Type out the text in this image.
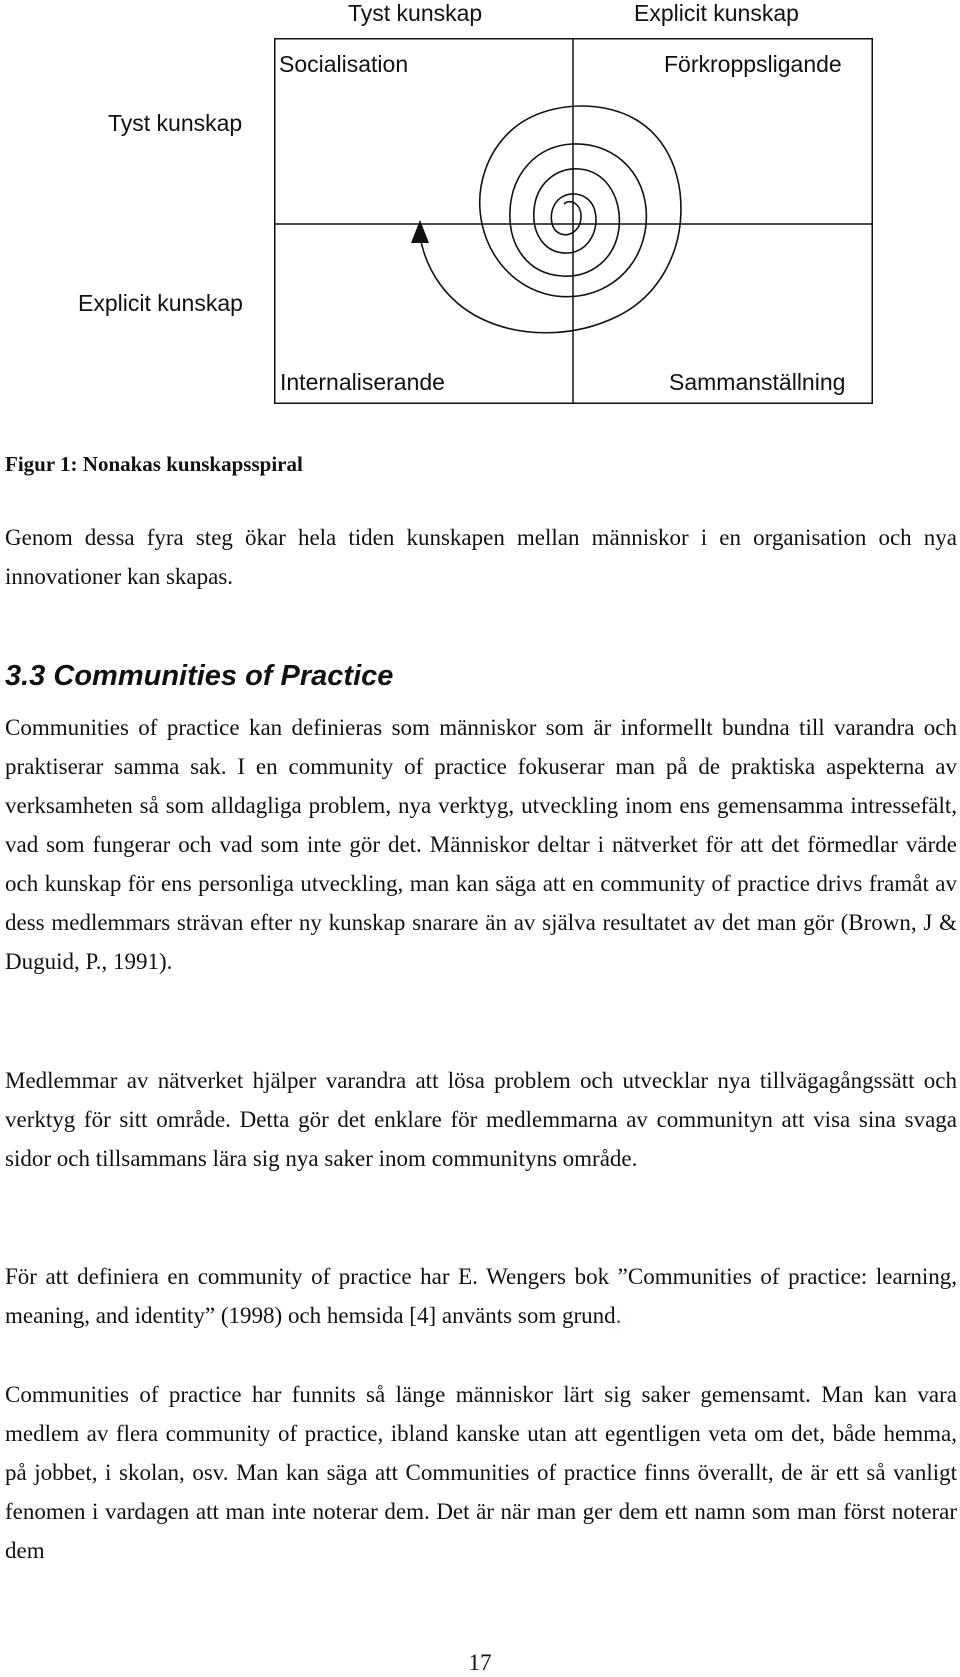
Tyst kunskap	Explicit kunskap
Tyst kunskap
Explicit kunskap
Socialisation	Förkroppsligande
Internaliserande	Sammanställning
Figur 1: Nonakas kunskapsspiral

Genom dessa fyra steg ökar hela tiden kunskapen mellan människor i en organisation och nya innovationer kan skapas.

3.3 Communities of Practice

Communities of practice kan definieras som människor som är informellt bundna till varandra och praktiserar samma sak. I en community of practice fokuserar man på de praktiska aspekterna av verksamheten så som alldagliga problem, nya verktyg, utveckling inom ens gemensamma intressefält, vad som fungerar och vad som inte gör det. Människor deltar i nätverket för att det förmedlar värde och kunskap för ens personliga utveckling, man kan säga att en community of practice drivs framåt av dess medlemmars strävan efter ny kunskap snarare än av själva resultatet av det man gör (Brown, J & Duguid, P., 1991).

Medlemmar av nätverket hjälper varandra att lösa problem och utvecklar nya tillvägagångssätt och verktyg för sitt område. Detta gör det enklare för medlemmarna av communityn att visa sina svaga sidor och tillsammans lära sig nya saker inom communityns område.

För att definiera en community of practice har E. Wengers bok ”Communities of practice: learning, meaning, and identity” (1998) och hemsida [4] använts som grund.

Communities of practice har funnits så länge människor lärt sig saker gemensamt. Man kan vara medlem av flera community of practice, ibland kanske utan att egentligen veta om det, både hemma, på jobbet, i skolan, osv. Man kan säga att Communities of practice finns överallt, de är ett så vanligt fenomen i vardagen att man inte noterar dem. Det är när man ger dem ett namn som man först noterar dem

17
